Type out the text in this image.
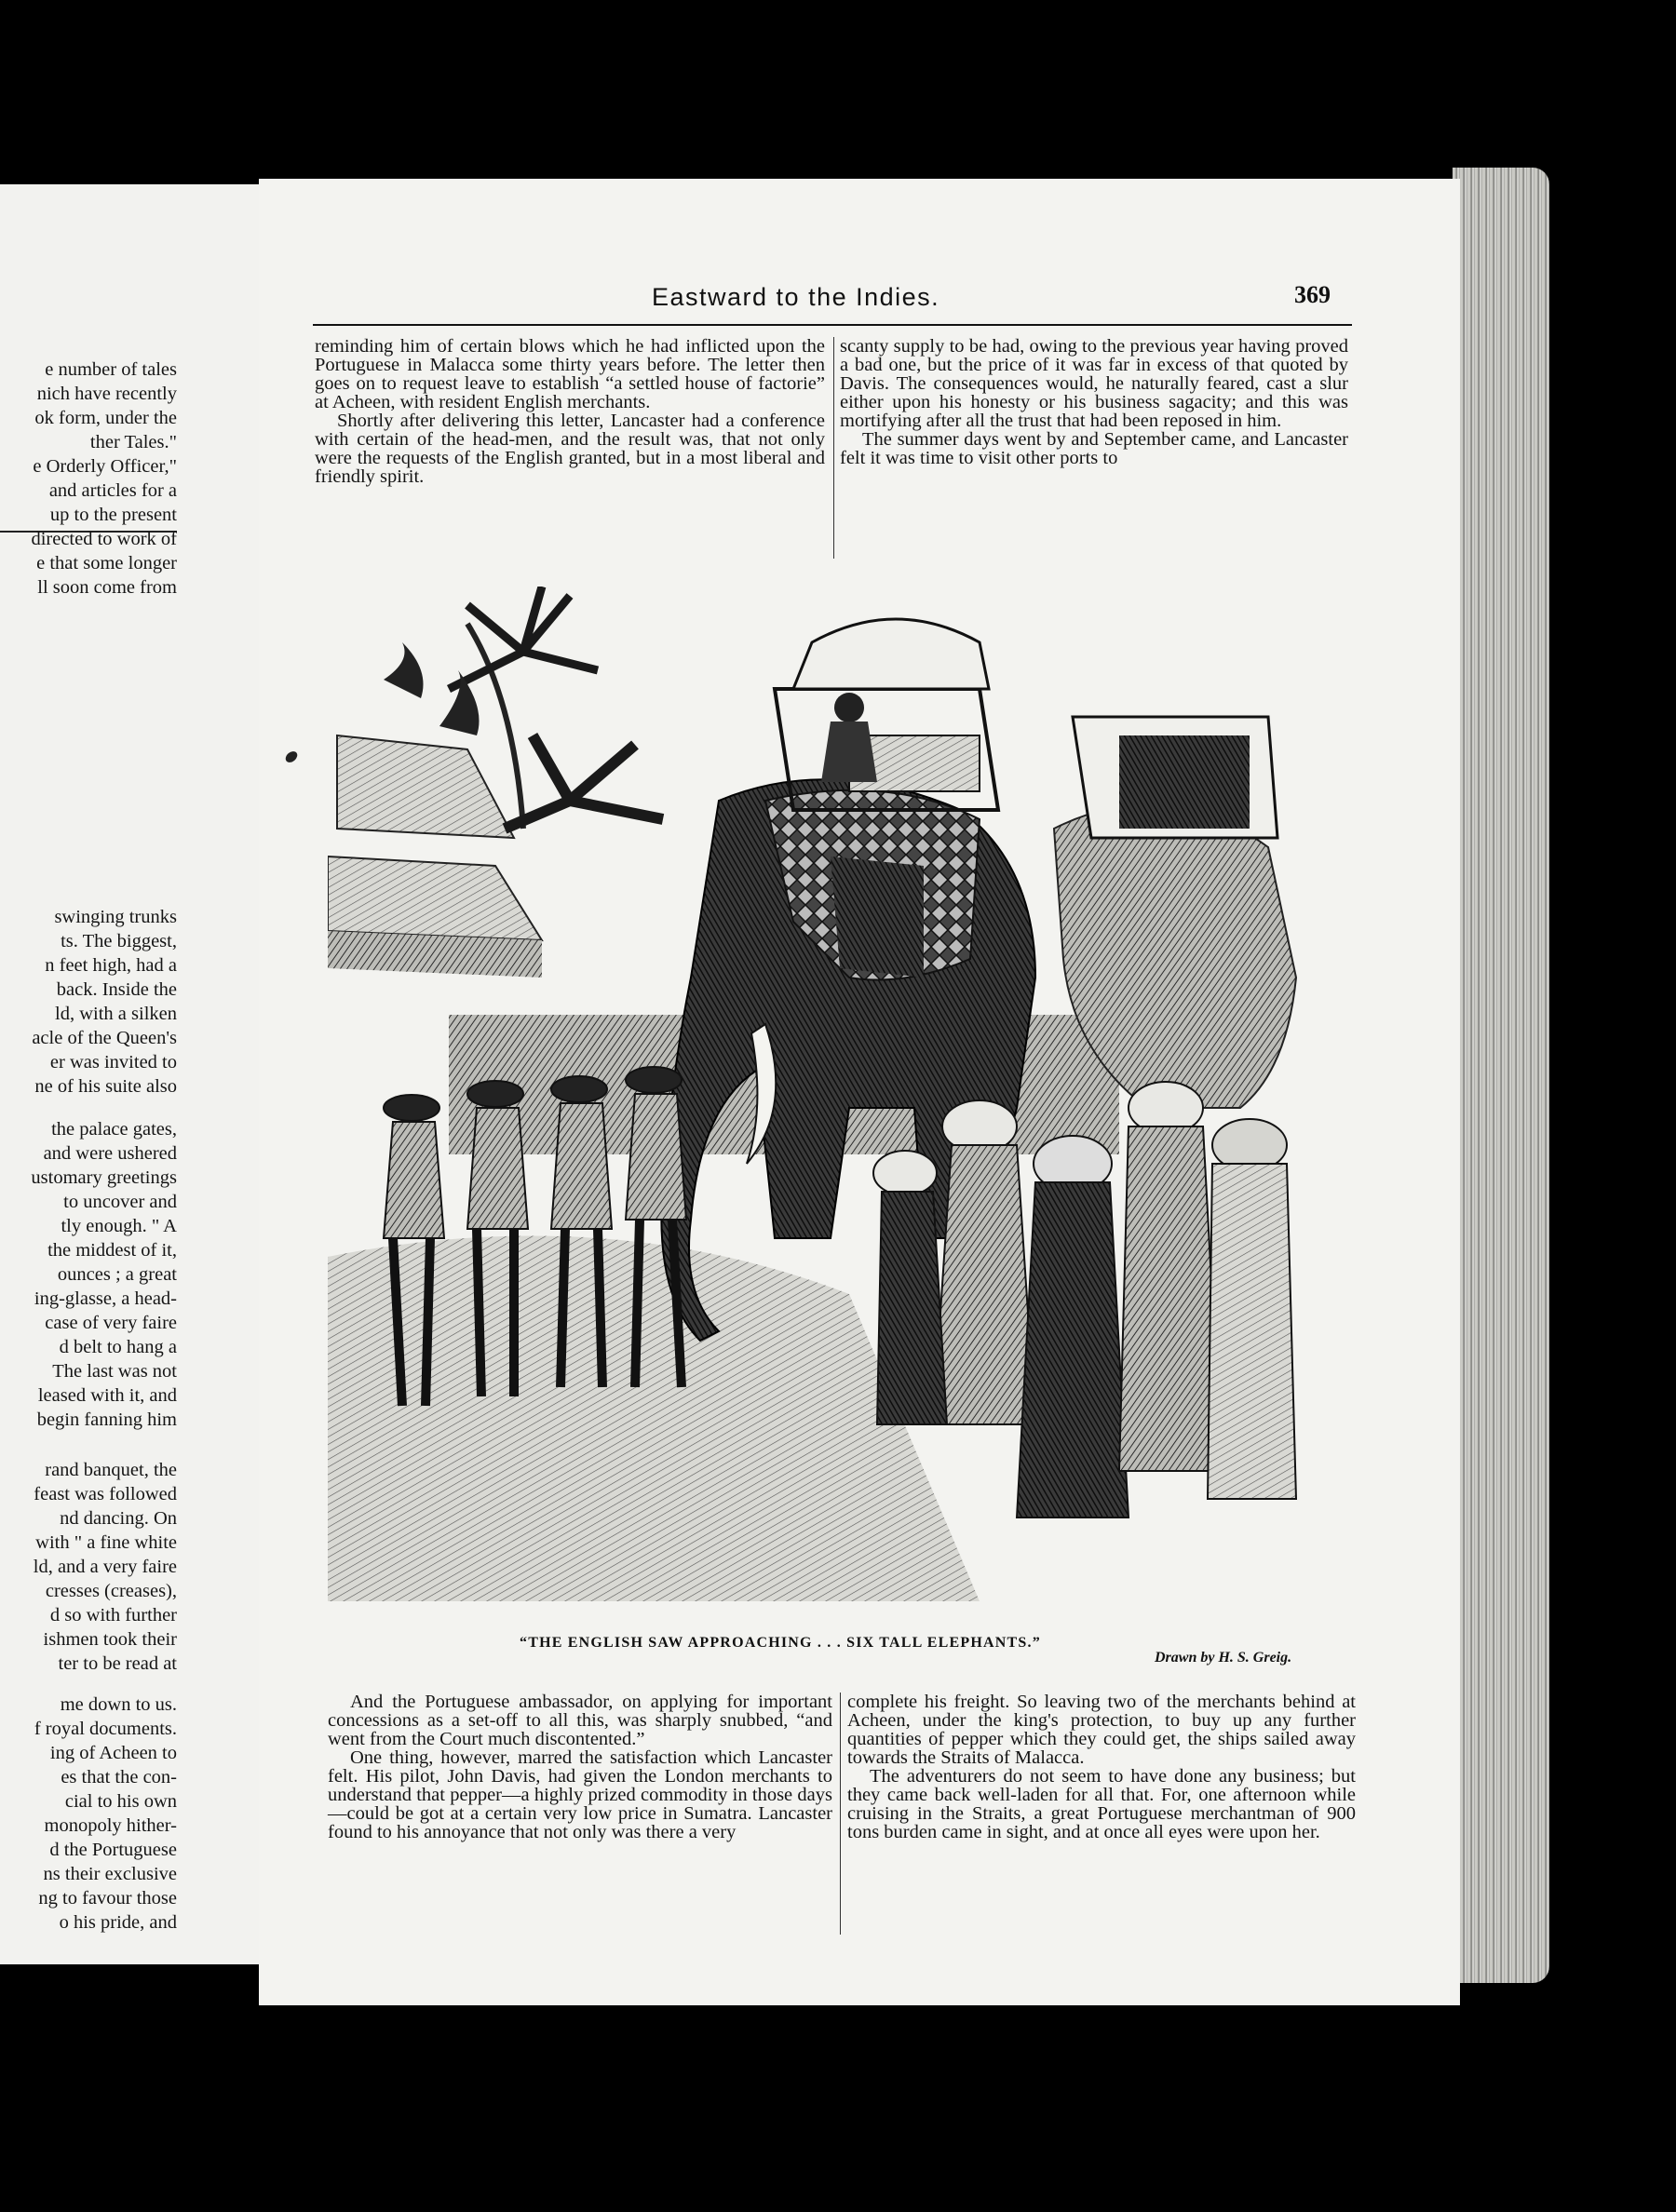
e number of tales
nich have recently
ok form, under the
ther Tales."
e Orderly Officer,"
and articles for a
up to the present
directed to work of
e that some longer
ll soon come from
swinging trunks
ts. The biggest,
n feet high, had a
back. Inside the
ld, with a silken
acle of the Queen's
er was invited to
ne of his suite also
the palace gates,
and were ushered
ustomary greetings
to uncover and
tly enough. " A
the middest of it,
ounces ; a great
ing-glasse, a head-
case of very faire
d belt to hang a
The last was not
leased with it, and
begin fanning him
rand banquet, the
feast was followed
nd dancing. On
with " a fine white
ld, and a very faire
cresses (creases),
d so with further
ishmen took their
ter to be read at
me down to us.
f royal documents.
ing of Acheen to
es that the con-
cial to his own
monopoly hither-
d the Portuguese
ns their exclusive
ng to favour those
o his pride, and
Eastward to the Indies.	369

reminding him of certain blows which he had inflicted upon the Portuguese in Malacca some thirty years before. The letter then goes on to request leave to establish “a settled house of factorie” at Acheen, with resident English merchants.

Shortly after delivering this letter, Lancaster had a conference with certain of the head-men, and the result was, that not only were the requests of the English granted, but in a most liberal and friendly spirit.

scanty supply to be had, owing to the previous year having proved a bad one, but the price of it was far in excess of that quoted by Davis. The consequences would, he naturally feared, cast a slur either upon his honesty or his business sagacity; and this was mortifying after all the trust that had been reposed in him.

The summer days went by and September came, and Lancaster felt it was time to visit other ports to

“THE ENGLISH SAW APPROACHING . . . SIX TALL ELEPHANTS.”
Drawn by H. S. Greig.

And the Portuguese ambassador, on applying for important concessions as a set-off to all this, was sharply snubbed, “and went from the Court much discontented.”

One thing, however, marred the satisfaction which Lancaster felt. His pilot, John Davis, had given the London merchants to understand that pepper—a highly prized commodity in those days—could be got at a certain very low price in Sumatra. Lancaster found to his annoyance that not only was there a very

complete his freight. So leaving two of the merchants behind at Acheen, under the king's protection, to buy up any further quantities of pepper which they could get, the ships sailed away towards the Straits of Malacca.

The adventurers do not seem to have done any business; but they came back well-laden for all that. For, one afternoon while cruising in the Straits, a great Portuguese merchantman of 900 tons burden came in sight, and at once all eyes were upon her.
